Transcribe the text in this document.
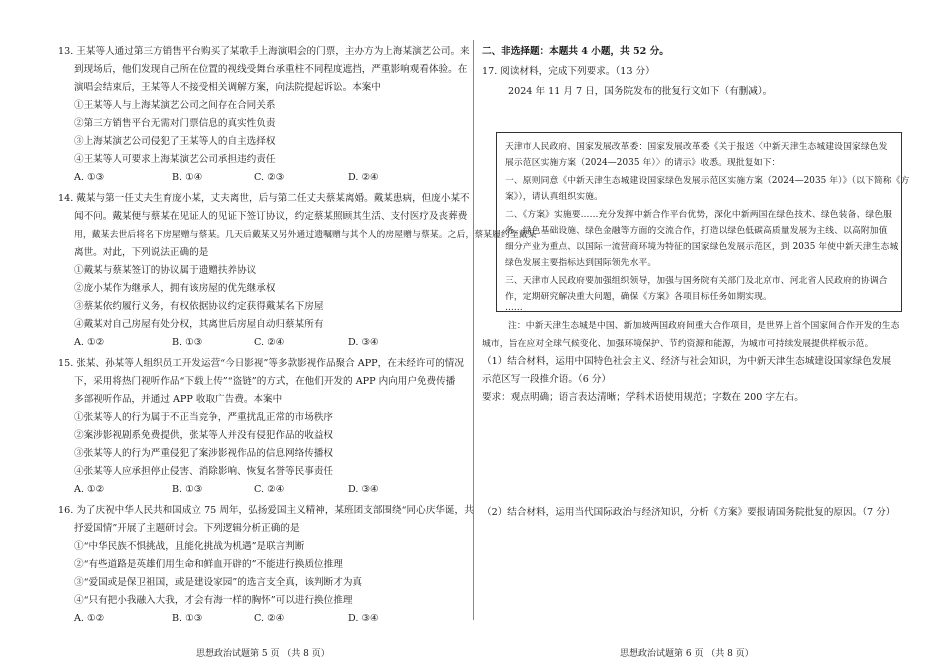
13. 王某等人通过第三方销售平台购买了某歌手上海演唱会的门票，主办方为上海某演艺公司。来
到现场后，他们发现自己所在位置的视线受舞台承重柱不同程度遮挡，严重影响观看体验。在
演唱会结束后，王某等人不接受相关调解方案，向法院提起诉讼。本案中
①王某等人与上海某演艺公司之间存在合同关系
②第三方销售平台无需对门票信息的真实性负责
③上海某演艺公司侵犯了王某等人的自主选择权
④王某等人可要求上海某演艺公司承担违约责任
A. ①③	B. ①④	C. ②③	D. ②④
14. 戴某与第一任丈夫生育庞小某，丈夫离世，后与第二任丈夫蔡某离婚。戴某患病，但庞小某不
闻不问。戴某便与蔡某在见证人的见证下签订协议，约定蔡某照顾其生活、支付医疗及丧葬费
用，戴某去世后将名下房屋赠与蔡某。几天后戴某又另外通过遗嘱赠与其个人的房屋赠与蔡某。之后，蔡某履约至戴某
离世。对此，下列说法正确的是
①戴某与蔡某签订的协议属于遗赠扶养协议
②庞小某作为继承人，拥有该房屋的优先继承权
③蔡某依约履行义务，有权依据协议约定获得戴某名下房屋
④戴某对自己房屋有处分权，其离世后房屋自动归蔡某所有
A. ①②	B. ①③	C. ②④	D. ③④
15. 张某、孙某等人组织员工开发运营“今日影视”等多款影视作品聚合 APP，在未经许可的情况
下，采用将热门视听作品“下载上传”“盗链”的方式，在他们开发的 APP 内向用户免费传播
多部视听作品，并通过 APP 收取广告费。本案中
①张某等人的行为属于不正当竞争，严重扰乱正常的市场秩序
②案涉影视剧系免费提供，张某等人并没有侵犯作品的收益权
③张某等人的行为严重侵犯了案涉影视作品的信息网络传播权
④张某等人应承担停止侵害、消除影响、恢复名誉等民事责任
A. ①②	B. ①③	C. ②④	D. ③④
16. 为了庆祝中华人民共和国成立 75 周年，弘扬爱国主义精神，某班团支部围绕“同心庆华诞，共
抒爱国情”开展了主题研讨会。下列逻辑分析正确的是
①“中华民族不惧挑战，且能化挑战为机遇”是联言判断
②“有些道路是英雄们用生命和鲜血开辟的”不能进行换质位推理
③“爱国或是保卫祖国，或是建设家园”的选言支全真，该判断才为真
④“只有把小我融入大我，才会有海一样的胸怀”可以进行换位推理
A. ①②	B. ①③	C. ②④	D. ③④
思想政治试题第 5 页 （共 8 页）
二、非选择题：本题共 4 小题，共 52 分。
17. 阅读材料，完成下列要求。（13 分）
2024 年 11 月 7 日，国务院发布的批复行文如下（有删减）。
思想政治试题第 6 页 （共 8 页）
天津市人民政府、国家发展改革委：国家发展改革委《关于报送〈中新天津生态城建设国家绿色发
展示范区实施方案（2024—2035 年）〉的请示》收悉。现批复如下：
一、原则同意《中新天津生态城建设国家绿色发展示范区实施方案（2024—2035 年）》（以下简称《方
案》），请认真组织实施。
二、《方案》实施要……充分发挥中新合作平台优势，深化中新两国在绿色技术、绿色装备、绿色服
务、绿色基础设施、绿色金融等方面的交流合作，打造以绿色低碳高质量发展为主线、以高附加值
细分产业为重点、以国际一流营商环境为特征的国家绿色发展示范区，到 2035 年使中新天津生态城
绿色发展主要指标达到国际领先水平。
三、天津市人民政府要加强组织领导，加强与国务院有关部门及北京市、河北省人民政府的协调合
作，定期研究解决重大问题，确保《方案》各项目标任务如期实现。
……
注：中新天津生态城是中国、新加坡两国政府间重大合作项目，是世界上首个国家间合作开发的生态
城市，旨在应对全球气候变化、加强环境保护、节约资源和能源，为城市可持续发展提供样板示范。
（1）结合材料，运用中国特色社会主义、经济与社会知识，为中新天津生态城建设国家绿色发展
示范区写一段推介语。（6 分）
要求：观点明确；语言表达清晰；学科术语使用规范；字数在 200 字左右。
（2）结合材料，运用当代国际政治与经济知识，分析《方案》要报请国务院批复的原因。（7 分）
